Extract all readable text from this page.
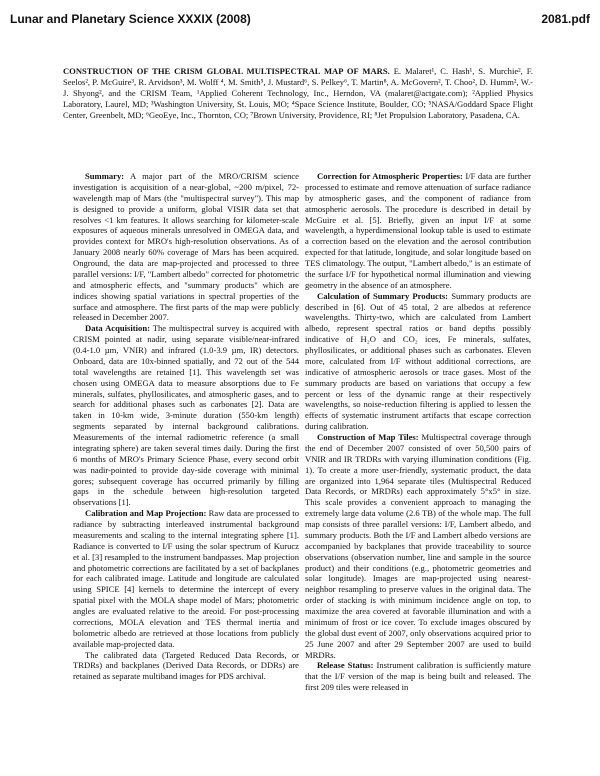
Lunar and Planetary Science XXXIX (2008)	2081.pdf
CONSTRUCTION OF THE CRISM GLOBAL MULTISPECTRAL MAP OF MARS. E. Malaret¹, C. Hash¹, S. Murchie², F. Seelos², P. McGuire³, R. Arvidson³, M. Wolff ⁴, M. Smith⁵, J. Mustard⁶, S. Pelkey⁶, T. Martin⁸, A. McGovern², T. Choo², D. Humm², W.-J. Shyong², and the CRISM Team, ¹Applied Coherent Technology, Inc., Herndon, VA (malaret@actgate.com); ²Applied Physics Laboratory, Laurel, MD; ³Washington University, St. Louis, MO; ⁴Space Science Institute, Boulder, CO; ⁵NASA/Goddard Space Flight Center, Greenbelt, MD; ⁶GeoEye, Inc., Thornton, CO; ⁷Brown University, Providence, RI; ⁸Jet Propulsion Laboratory, Pasadena, CA.

Summary: A major part of the MRO/CRISM science investigation is acquisition of a near-global, ~200 m/pixel, 72-wavelength map of Mars (the "multispectral survey"). This map is designed to provide a uniform, global VISIR data set that resolves <1 km features. It allows searching for kilometer-scale exposures of aqueous minerals unresolved in OMEGA data, and provides context for MRO's high-resolution observations. As of January 2008 nearly 60% coverage of Mars has been acquired. Onground, the data are map-projected and processed to three parallel versions: I/F, "Lambert albedo" corrected for photometric and atmospheric effects, and "summary products" which are indices showing spatial variations in spectral properties of the surface and atmosphere. The first parts of the map were publicly released in December 2007.

Data Acquisition: The multispectral survey is acquired with CRISM pointed at nadir, using separate visible/near-infrared (0.4-1.0 µm, VNIR) and infrared (1.0-3.9 µm, IR) detectors. Onboard, data are 10x-binned spatially, and 72 out of the 544 total wavelengths are retained [1]. This wavelength set was chosen using OMEGA data to measure absorptions due to Fe minerals, sulfates, phyllosilicates, and atmospheric gases, and to search for additional phases such as carbonates [2]. Data are taken in 10-km wide, 3-minute duration (550-km length) segments separated by internal background calibrations. Measurements of the internal radiometric reference (a small integrating sphere) are taken several times daily. During the first 6 months of MRO's Primary Science Phase, every second orbit was nadir-pointed to provide day-side coverage with minimal gores; subsequent coverage has occurred primarily by filling gaps in the schedule between high-resolution targeted observations [1].

Calibration and Map Projection: Raw data are processed to radiance by subtracting interleaved instrumental background measurements and scaling to the internal integrating sphere [1]. Radiance is converted to I/F using the solar spectrum of Kurucz et al. [3] resampled to the instrument bandpasses. Map projection and photometric corrections are facilitated by a set of backplanes for each calibrated image. Latitude and longitude are calculated using SPICE [4] kernels to determine the intercept of every spatial pixel with the MOLA shape model of Mars; photometric angles are evaluated relative to the areoid. For post-processing corrections, MOLA elevation and TES thermal inertia and bolometric albedo are retrieved at those locations from publicly available map-projected data.

The calibrated data (Targeted Reduced Data Records, or TRDRs) and backplanes (Derived Data Records, or DDRs) are retained as separate multiband images for PDS archival.

Correction for Atmospheric Properties: I/F data are further processed to estimate and remove attenuation of surface radiance by atmospheric gases, and the component of radiance from atmospheric aerosols. The procedure is described in detail by McGuire et al. [5]. Briefly, given an input I/F at some wavelength, a hyperdimensional lookup table is used to estimate a correction based on the elevation and the aerosol contribution expected for that latitude, longitude, and solar longitude based on TES climatology. The output, "Lambert albedo," is an estimate of the surface I/F for hypothetical normal illumination and viewing geometry in the absence of an atmosphere.

Calculation of Summary Products: Summary products are described in [6]. Out of 45 total, 2 are albedos at reference wavelengths. Thirty-two, which are calculated from Lambert albedo, represent spectral ratios or band depths possibly indicative of H₂O and CO₂ ices, Fe minerals, sulfates, phyllosilicates, or additional phases such as carbonates. Eleven more, calculated from I/F without additional corrections, are indicative of atmospheric aerosols or trace gases. Most of the summary products are based on variations that occupy a few percent or less of the dynamic range at their respectively wavelengths, so noise-reduction filtering is applied to lessen the effects of systematic instrument artifacts that escape correction during calibration.

Construction of Map Tiles: Multispectral coverage through the end of December 2007 consisted of over 50,500 pairs of VNIR and IR TRDRs with varying illumination conditions (Fig. 1). To create a more user-friendly, systematic product, the data are organized into 1,964 separate tiles (Multispectral Reduced Data Records, or MRDRs) each approximately 5°x5° in size. This scale provides a convenient approach to managing the extremely large data volume (2.6 TB) of the whole map. The full map consists of three parallel versions: I/F, Lambert albedo, and summary products. Both the I/F and Lambert albedo versions are accompanied by backplanes that provide traceability to source observations (observation number, line and sample in the source product) and their conditions (e.g., photometric geometries and solar longitude). Images are map-projected using nearest-neighbor resampling to preserve values in the original data. The order of stacking is with minimum incidence angle on top, to maximize the area covered at favorable illumination and with a minimum of frost or ice cover. To exclude images obscured by the global dust event of 2007, only observations acquired prior to 25 June 2007 and after 29 September 2007 are used to build MRDRs.

Release Status: Instrument calibration is sufficiently mature that the I/F version of the map is being built and released. The first 209 tiles were released in
